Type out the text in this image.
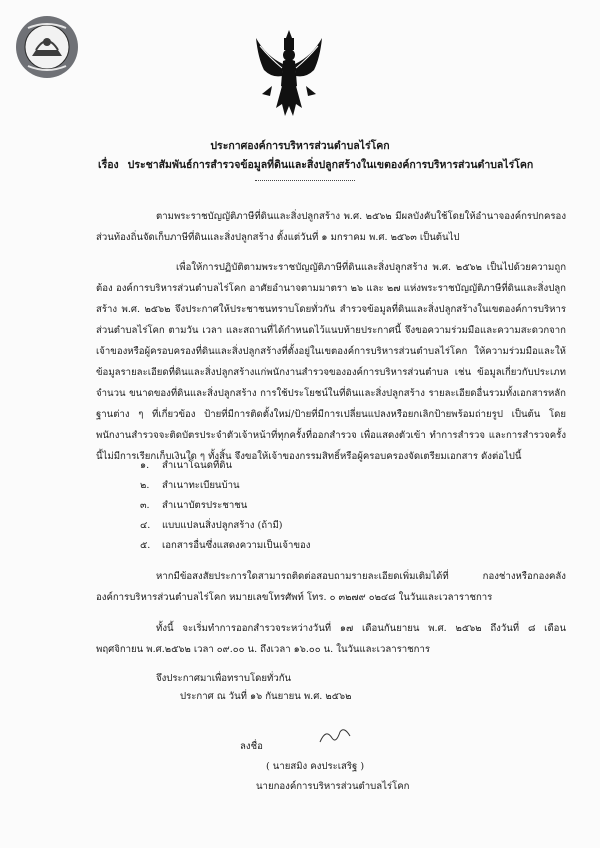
ประกาศองค์การบริหารส่วนตำบลไร่โคก
เรื่อง ประชาสัมพันธ์การสำรวจข้อมูลที่ดินและสิ่งปลูกสร้างในเขตองค์การบริหารส่วนตำบลไร่โคก
ตามพระราชบัญญัติภาษีที่ดินและสิ่งปลูกสร้าง พ.ศ. ๒๕๖๒ มีผลบังคับใช้โดยให้อำนาจองค์กรปกครองส่วนท้องถิ่นจัดเก็บภาษีที่ดินและสิ่งปลูกสร้าง ตั้งแต่วันที่ ๑ มกราคม พ.ศ. ๒๕๖๓ เป็นต้นไป
เพื่อให้การปฏิบัติตามพระราชบัญญัติภาษีที่ดินและสิ่งปลูกสร้าง พ.ศ. ๒๕๖๒ เป็นไปด้วยความถูกต้อง องค์การบริหารส่วนตำบลไร่โคก อาศัยอำนาจตามมาตรา ๒๖ และ ๒๗ แห่งพระราชบัญญัติภาษีที่ดินและสิ่งปลูกสร้าง พ.ศ. ๒๕๖๒ จึงประกาศให้ประชาชนทราบโดยทั่วกัน สำรวจข้อมูลที่ดินและสิ่งปลูกสร้างในเขตองค์การบริหารส่วนตำบลไร่โคก ตามวัน เวลา และสถานที่ได้กำหนดไว้แนบท้ายประกาศนี้ จึงขอความร่วมมือและความสะดวกจากเจ้าของหรือผู้ครอบครองที่ดินและสิ่งปลูกสร้างที่ตั้งอยู่ในเขตองค์การบริหารส่วนตำบลไร่โคก ให้ความร่วมมือและให้ข้อมูลรายละเอียดที่ดินและสิ่งปลูกสร้างแก่พนักงานสำรวจขององค์การบริหารส่วนตำบล เช่น ข้อมูลเกี่ยวกับประเภท จำนวน ขนาดของที่ดินและสิ่งปลูกสร้าง การใช้ประโยชน์ในที่ดินและสิ่งปลูกสร้าง รายละเอียดอื่นรวมทั้งเอกสารหลักฐานต่าง ๆ ที่เกี่ยวข้อง ป้ายที่มีการติดตั้งใหม่/ป้ายที่มีการเปลี่ยนแปลงหรือยกเลิกป้ายพร้อมถ่ายรูป เป็นต้น โดยพนักงานสำรวจจะติดบัตรประจำตัวเจ้าหน้าที่ทุกครั้งที่ออกสำรวจ เพื่อแสดงตัวเข้า ทำการสำรวจ และการสำรวจครั้งนี้ไม่มีการเรียกเก็บเงินใด ๆ ทั้งสิ้น จึงขอให้เจ้าของกรรมสิทธิ์หรือผู้ครอบครองจัดเตรียมเอกสาร ดังต่อไปนี้
๑. สำเนาโฉนดที่ดิน
๒. สำเนาทะเบียนบ้าน
๓. สำเนาบัตรประชาชน
๔. แบบแปลนสิ่งปลูกสร้าง (ถ้ามี)
๕. เอกสารอื่นซึ่งแสดงความเป็นเจ้าของ
หากมีข้อสงสัยประการใดสามารถติดต่อสอบถามรายละเอียดเพิ่มเติมได้ที่ กองช่างหรือกองคลัง องค์การบริหารส่วนตำบลไร่โคก หมายเลขโทรศัพท์ โทร. ๐ ๓๒๗๙ ๐๒๔๘ ในวันและเวลาราชการ
ทั้งนี้ จะเริ่มทำการออกสำรวจระหว่างวันที่ ๑๗ เดือนกันยายน พ.ศ. ๒๕๖๒ ถึงวันที่ ๘ เดือนพฤศจิกายน พ.ศ.๒๕๖๒ เวลา ๐๙.๐๐ น. ถึงเวลา ๑๖.๐๐ น. ในวันและเวลาราชการ
จึงประกาศมาเพื่อทราบโดยทั่วกัน
ประกาศ ณ วันที่ ๑๖ กันยายน พ.ศ. ๒๕๖๒
ลงชื่อ
( นายสมิง คงประเสริฐ )
นายกองค์การบริหารส่วนตำบลไร่โคก
